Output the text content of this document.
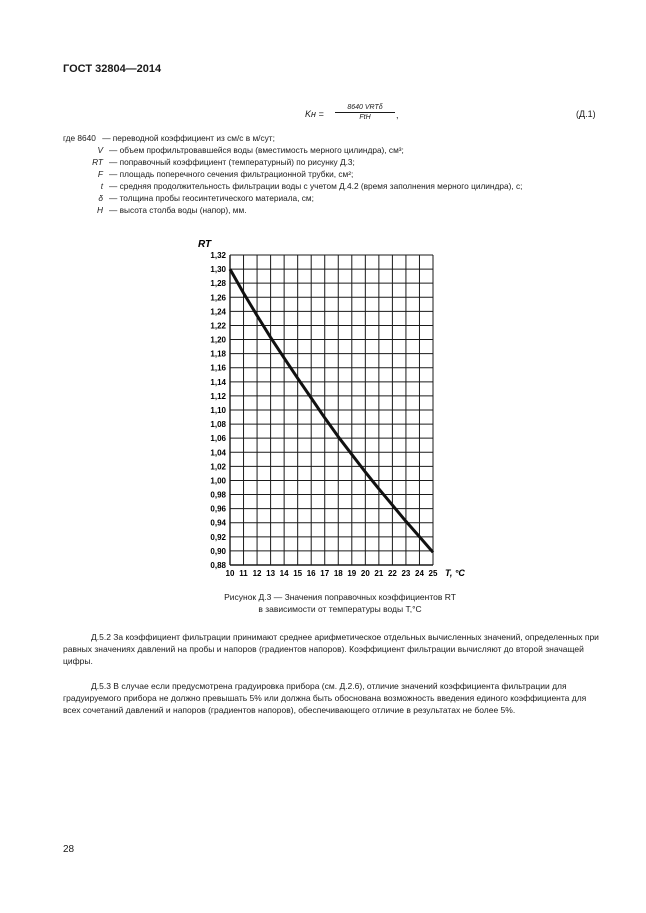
ГОСТ 32804—2014
Kн =
8640 VRTδ
FtH	,	(Д.1)
где 8640 — переводной коэффициент из см/с в м/сут;
V — объем профильтровавшейся воды (вместимость мерного цилиндра), см³;
RT — поправочный коэффициент (температурный) по рисунку Д.3;
F — площадь поперечного сечения фильтрационной трубки, см²;
t — средняя продолжительность фильтрации воды с учетом Д.4.2 (время заполнения мерного цилиндра), с;
δ — толщина пробы геосинтетического материала, см;
H — высота столба воды (напор), мм.
10 11 12 13 14 15 16 17 18 19 20 21 22 23 24 25
0,88
0,90
0,92
0,94
0,96
0,98
1,00
1,02
1,04
1,06
1,08
1,10
1,12
1,14
1,16
1,18
1,20
1,22
1,24
1,26
1,28
1,30
1,32
RT
T, °C
Рисунок Д.3 — Значения поправочных коэффициентов RT
в зависимости от температуры воды T,°C
Д.5.2 За коэффициент фильтрации принимают среднее арифметическое отдельных вычисленных значений, определенных при равных значениях давлений на пробы и напоров (градиентов напоров). Коэффициент фильтрации вычисляют до второй значащей цифры.
Д.5.3 В случае если предусмотрена градуировка прибора (см. Д.2.6), отличие значений коэффициента фильтрации для градуируемого прибора не должно превышать 5% или должна быть обоснована возможность введения единого коэффициента для всех сочетаний давлений и напоров (градиентов напоров), обеспечивающего отличие в результатах не более 5%.
28
